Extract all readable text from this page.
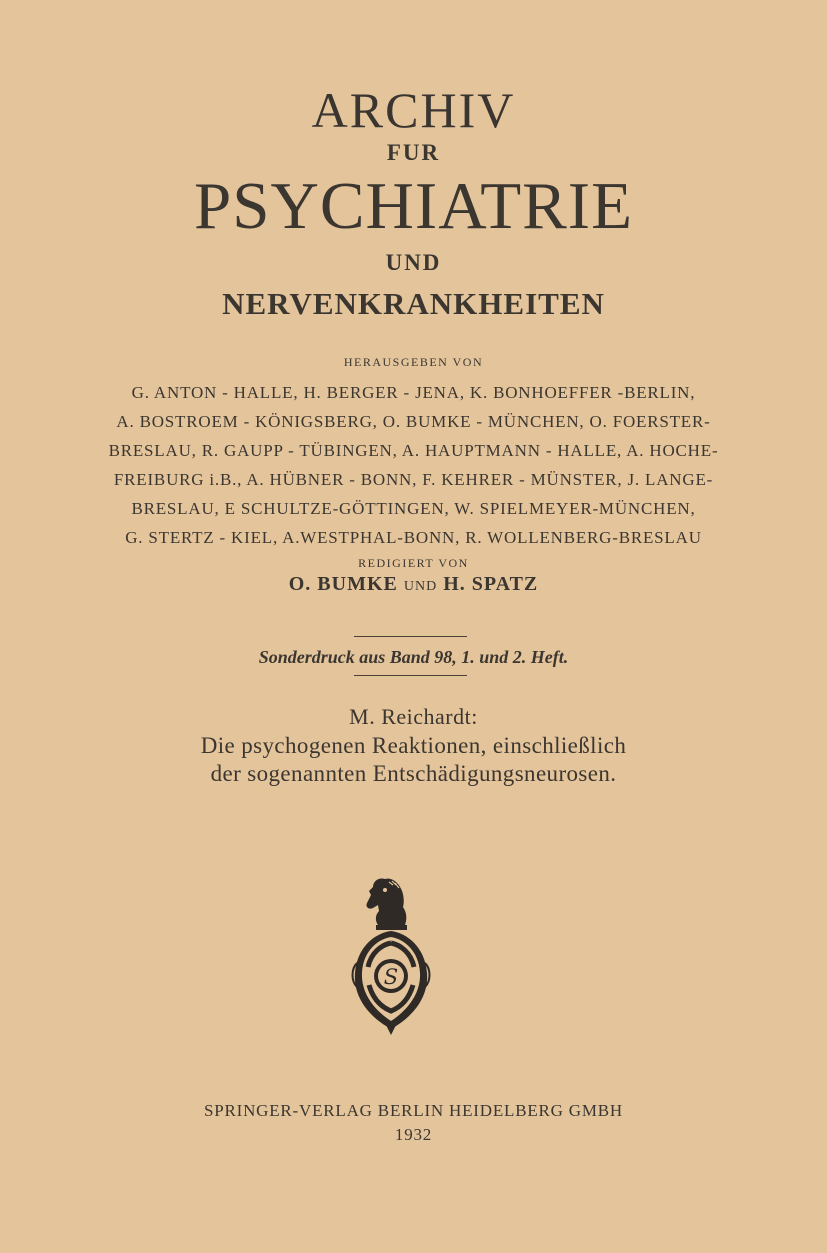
ARCHIV
FUR
PSYCHIATRIE
UND
NERVENKRANKHEITEN
HERAUSGEBEN VON
G. ANTON - HALLE, H. BERGER - JENA, K. BONHOEFFER -BERLIN,
A. BOSTROEM - KÖNIGSBERG, O. BUMKE - MÜNCHEN, O. FOERSTER-
BRESLAU, R. GAUPP - TÜBINGEN, A. HAUPTMANN - HALLE, A. HOCHE-
FREIBURG i.B., A. HÜBNER - BONN, F. KEHRER - MÜNSTER, J. LANGE-
BRESLAU, E SCHULTZE-GÖTTINGEN, W. SPIELMEYER-MÜNCHEN,
G. STERTZ - KIEL, A.WESTPHAL-BONN, R. WOLLENBERG-BRESLAU
REDIGIERT VON
O. BUMKE UND H. SPATZ
Sonderdruck aus Band 98, 1. und 2. Heft.
M. Reichardt:
Die psychogenen Reaktionen, einschließlich
der sogenannten Entschädigungsneurosen.
S
SPRINGER-VERLAG BERLIN HEIDELBERG GMBH
1932
